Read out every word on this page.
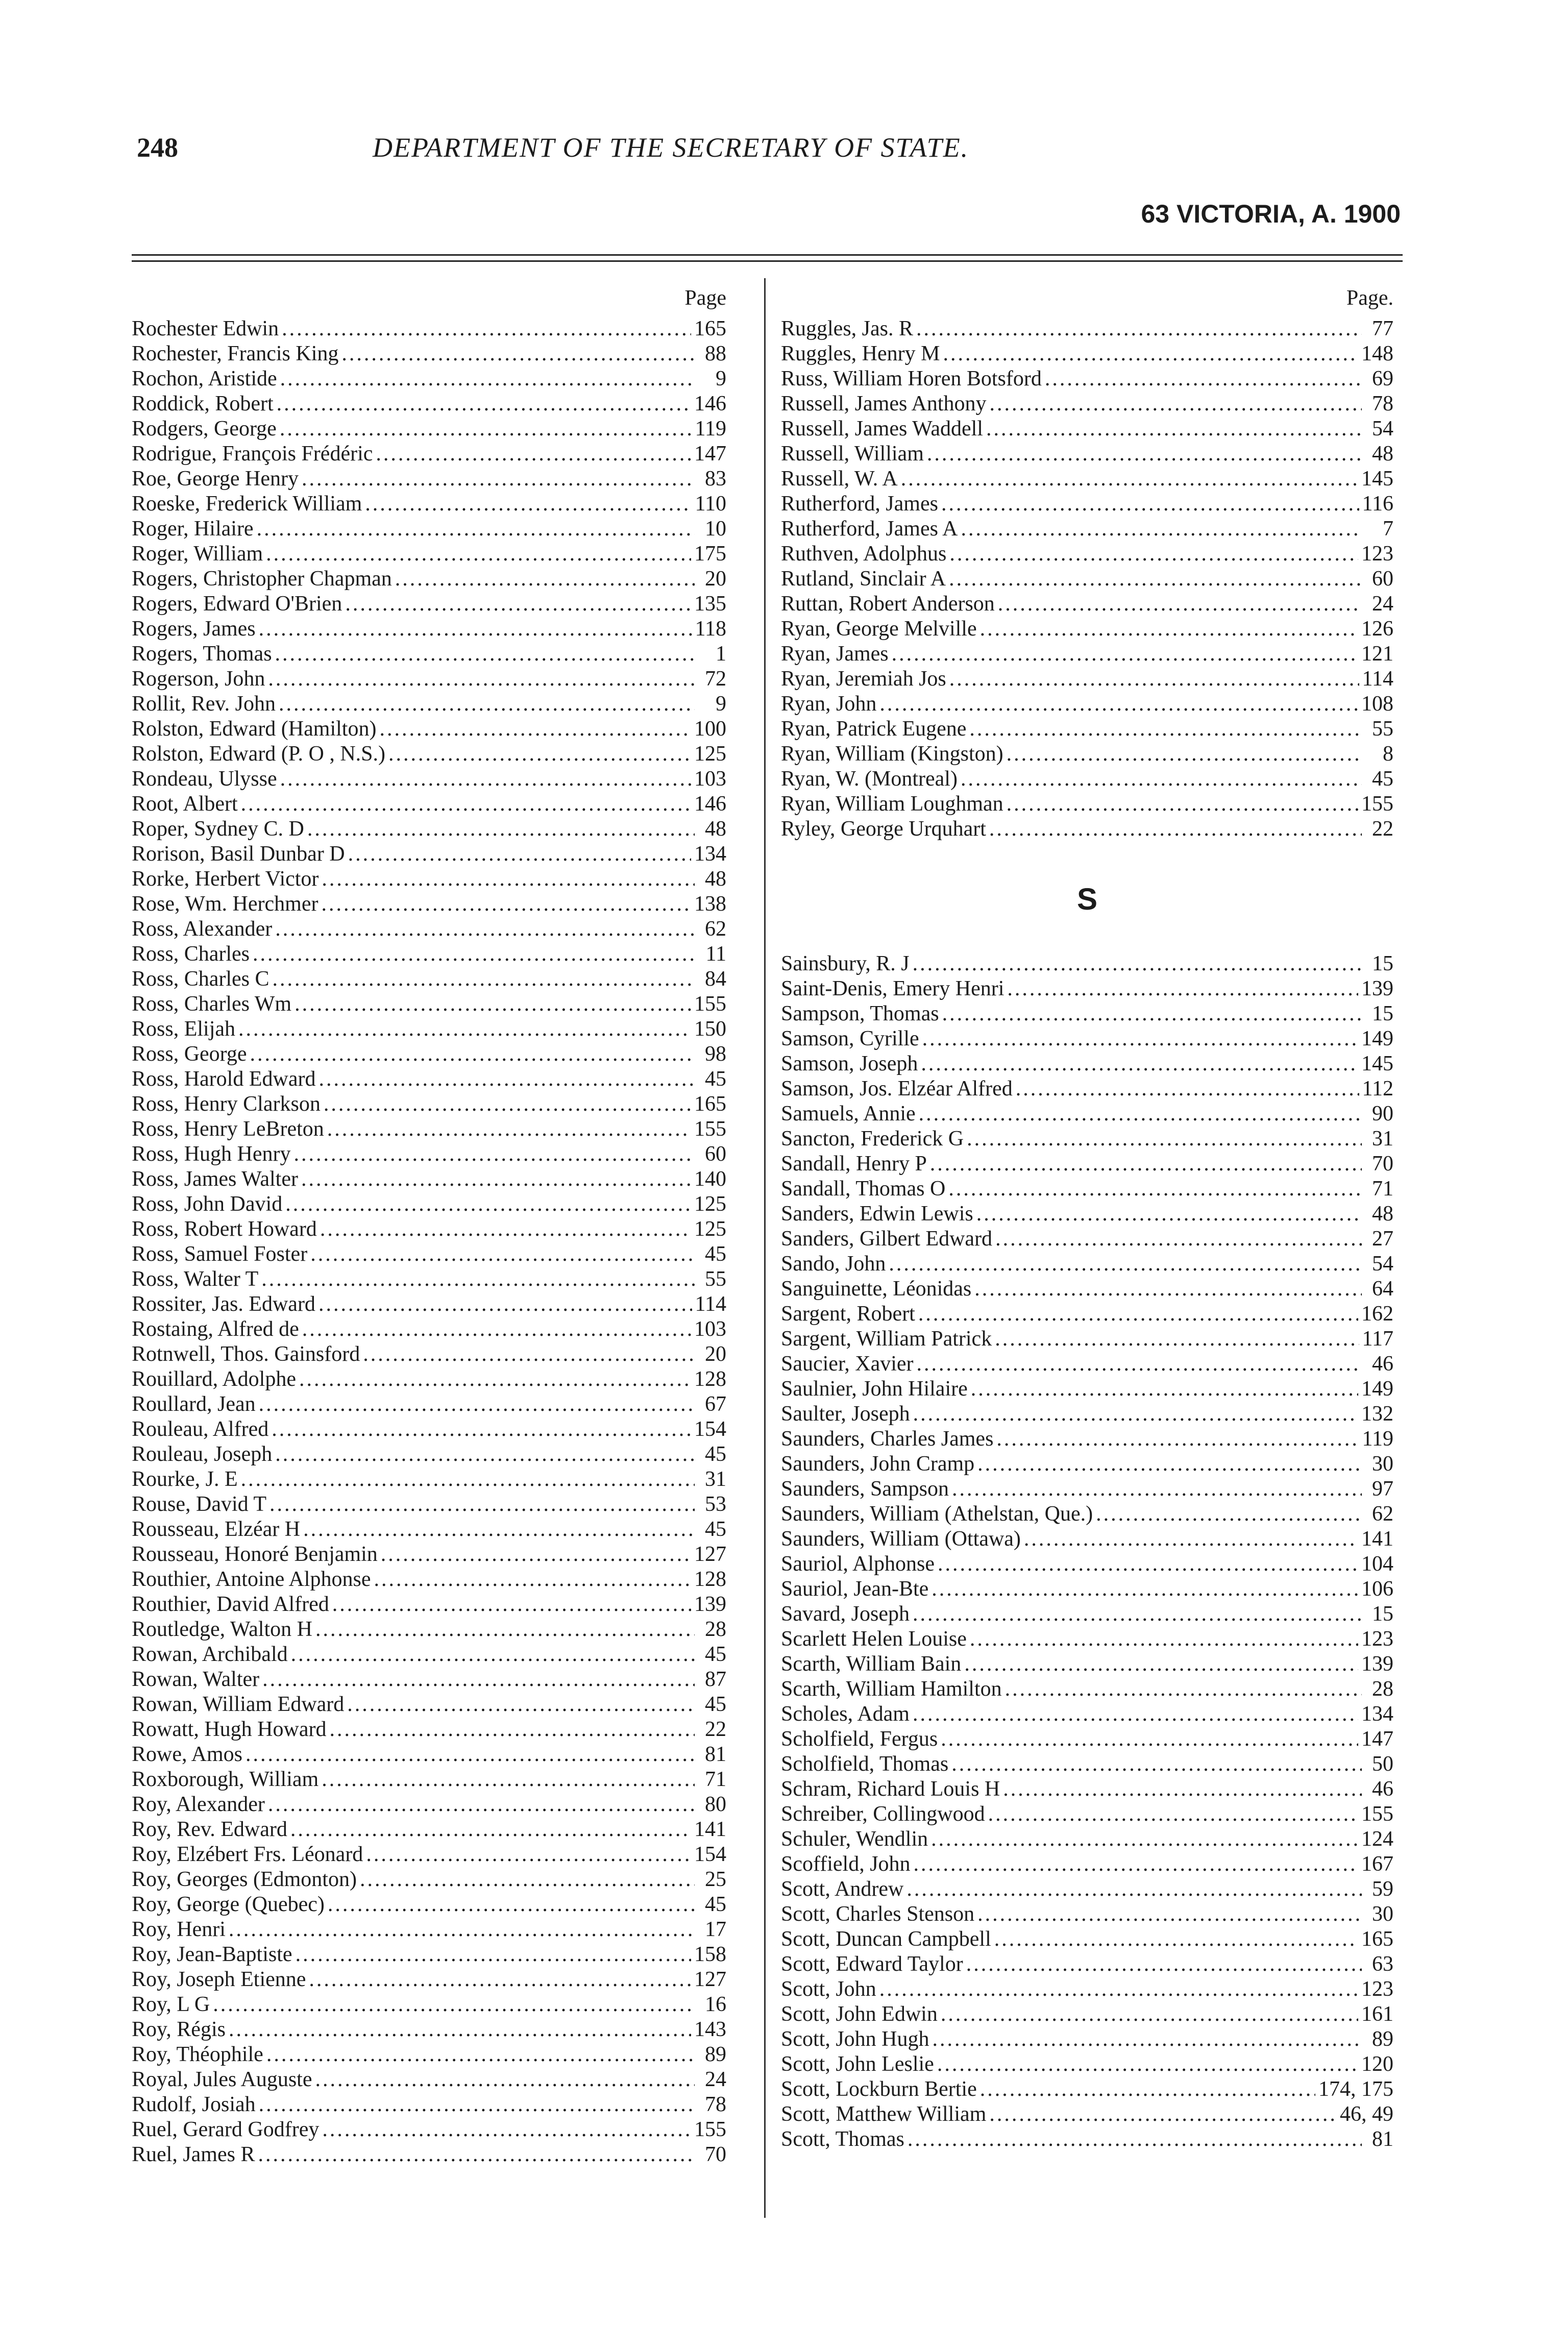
248	DEPARTMENT OF THE SECRETARY OF STATE.
63 VICTORIA, A. 1900
Page
Rochester Edwin .....	165
Rochester, Francis King .....	88
Rochon, Aristide .....	9
Roddick, Robert .....	146
Rodgers, George .....	119
Rodrigue, François Frédéric .....	147
Roe, George Henry .....	83
Roeske, Frederick William .....	110
Roger, Hilaire .....	10
Roger, William .....	175
Rogers, Christopher Chapman .....	20
Rogers, Edward O'Brien .....	135
Rogers, James .....	118
Rogers, Thomas .....	1
Rogerson, John .....	72
Rollit, Rev. John .....	9
Rolston, Edward (Hamilton) .....	100
Rolston, Edward (P. O , N.S.) .....	125
Rondeau, Ulysse .....	103
Root, Albert .....	146
Roper, Sydney C. D .....	48
Rorison, Basil Dunbar D .....	134
Rorke, Herbert Victor .....	48
Rose, Wm. Herchmer .....	138
Ross, Alexander .....	62
Ross, Charles .....	11
Ross, Charles C .....	84
Ross, Charles Wm .....	155
Ross, Elijah .....	150
Ross, George .....	98
Ross, Harold Edward .....	45
Ross, Henry Clarkson .....	165
Ross, Henry LeBreton .....	155
Ross, Hugh Henry .....	60
Ross, James Walter .....	140
Ross, John David .....	125
Ross, Robert Howard .....	125
Ross, Samuel Foster .....	45
Ross, Walter T .....	55
Rossiter, Jas. Edward .....	114
Rostaing, Alfred de .....	103
Rotnwell, Thos. Gainsford .....	20
Rouillard, Adolphe .....	128
Roullard, Jean .....	67
Rouleau, Alfred .....	154
Rouleau, Joseph .....	45
Rourke, J. E .....	31
Rouse, David T .....	53
Rousseau, Elzéar H .....	45
Rousseau, Honoré Benjamin .....	127
Routhier, Antoine Alphonse .....	128
Routhier, David Alfred .....	139
Routledge, Walton H .....	28
Rowan, Archibald .....	45
Rowan, Walter .....	87
Rowan, William Edward .....	45
Rowatt, Hugh Howard .....	22
Rowe, Amos .....	81
Roxborough, William .....	71
Roy, Alexander .....	80
Roy, Rev. Edward .....	141
Roy, Elzébert Frs. Léonard .....	154
Roy, Georges (Edmonton) .....	25
Roy, George (Quebec) .....	45
Roy, Henri .....	17
Roy, Jean-Baptiste .....	158
Roy, Joseph Etienne .....	127
Roy, L G .....	16
Roy, Régis .....	143
Roy, Théophile .....	89
Royal, Jules Auguste .....	24
Rudolf, Josiah .....	78
Ruel, Gerard Godfrey .....	155
Ruel, James R .....	70
Page.
Ruggles, Jas. R .....	77
Ruggles, Henry M .....	148
Russ, William Horen Botsford .....	69
Russell, James Anthony .....	78
Russell, James Waddell .....	54
Russell, William .....	48
Russell, W. A .....	145
Rutherford, James .....	116
Rutherford, James A .....	7
Ruthven, Adolphus .....	123
Rutland, Sinclair A .....	60
Ruttan, Robert Anderson .....	24
Ryan, George Melville .....	126
Ryan, James .....	121
Ryan, Jeremiah Jos .....	114
Ryan, John .....	108
Ryan, Patrick Eugene .....	55
Ryan, William (Kingston) .....	8
Ryan, W. (Montreal) .....	45
Ryan, William Loughman .....	155
Ryley, George Urquhart .....	22
S
Sainsbury, R. J .....	15
Saint-Denis, Emery Henri .....	139
Sampson, Thomas .....	15
Samson, Cyrille .....	149
Samson, Joseph .....	145
Samson, Jos. Elzéar Alfred .....	112
Samuels, Annie .....	90
Sancton, Frederick G .....	31
Sandall, Henry P .....	70
Sandall, Thomas O .....	71
Sanders, Edwin Lewis .....	48
Sanders, Gilbert Edward .....	27
Sando, John .....	54
Sanguinette, Léonidas .....	64
Sargent, Robert .....	162
Sargent, William Patrick .....	117
Saucier, Xavier .....	46
Saulnier, John Hilaire .....	149
Saulter, Joseph .....	132
Saunders, Charles James .....	119
Saunders, John Cramp .....	30
Saunders, Sampson .....	97
Saunders, William (Athelstan, Que.) .....	62
Saunders, William (Ottawa) .....	141
Sauriol, Alphonse .....	104
Sauriol, Jean-Bte .....	106
Savard, Joseph .....	15
Scarlett Helen Louise .....	123
Scarth, William Bain .....	139
Scarth, William Hamilton .....	28
Scholes, Adam .....	134
Scholfield, Fergus .....	147
Scholfield, Thomas .....	50
Schram, Richard Louis H .....	46
Schreiber, Collingwood .....	155
Schuler, Wendlin .....	124
Scoffield, John .....	167
Scott, Andrew .....	59
Scott, Charles Stenson .....	30
Scott, Duncan Campbell .....	165
Scott, Edward Taylor .....	63
Scott, John .....	123
Scott, John Edwin .....	161
Scott, John Hugh .....	89
Scott, John Leslie .....	120
Scott, Lockburn Bertie .....	174, 175
Scott, Matthew William .....	46, 49
Scott, Thomas .....	81
